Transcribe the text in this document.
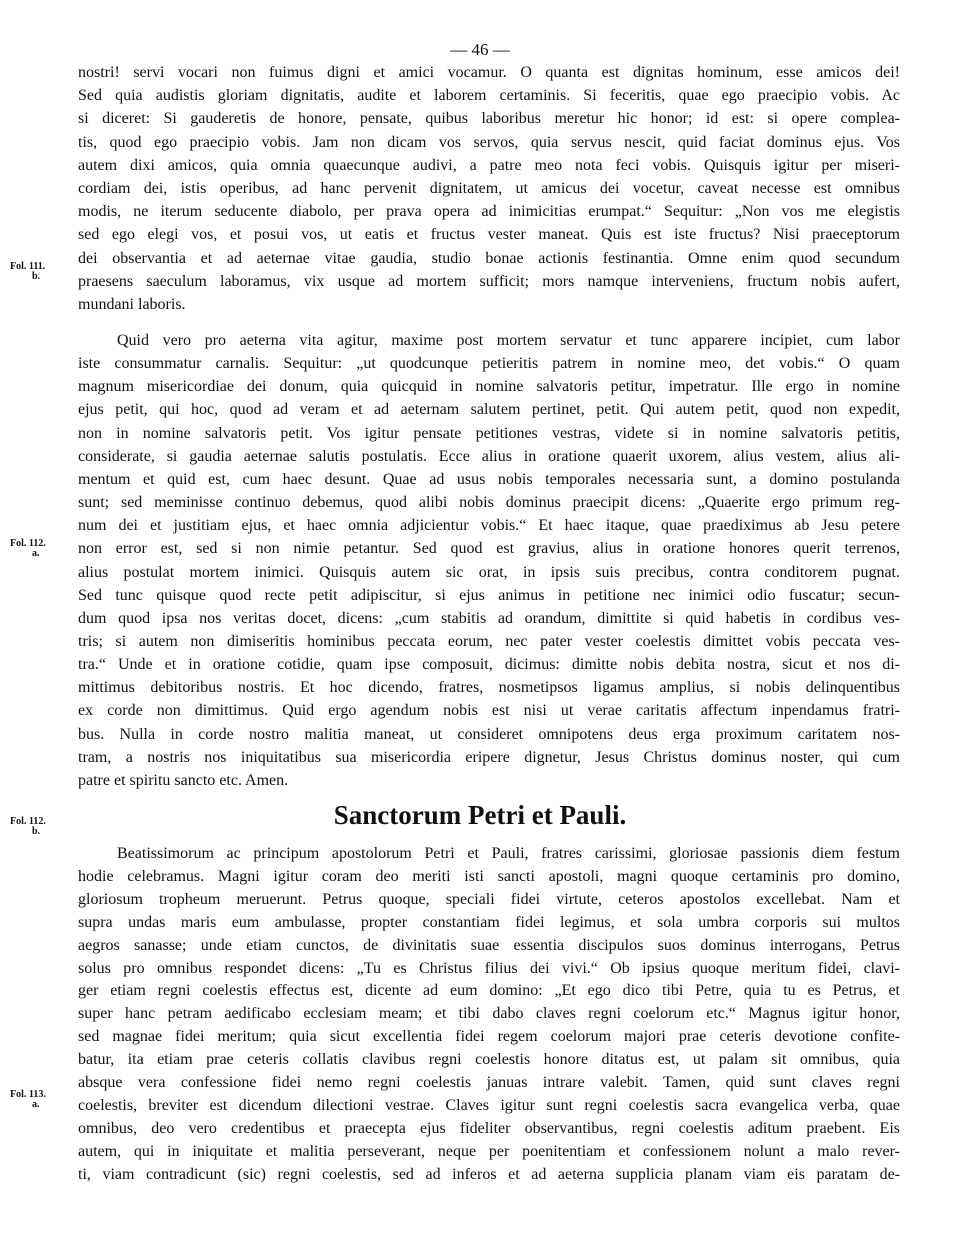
— 46 —
nostri! servi vocari non fuimus digni et amici vocamur. O quanta est dignitas hominum, esse amicos dei!
Sed quia audistis gloriam dignitatis, audite et laborem certaminis. Si feceritis, quae ego praecipio vobis. Ac
si diceret: Si gauderetis de honore, pensate, quibus laboribus meretur hic honor; id est: si opere complea-
tis, quod ego praecipio vobis. Jam non dicam vos servos, quia servus nescit, quid faciat dominus ejus. Vos
autem dixi amicos, quia omnia quaecunque audivi, a patre meo nota feci vobis. Quisquis igitur per miseri-
cordiam dei, istis operibus, ad hanc pervenit dignitatem, ut amicus dei vocetur, caveat necesse est omnibus
modis, ne iterum seducente diabolo, per prava opera ad inimicitias erumpat.“ Sequitur: „Non vos me elegistis
sed ego elegi vos, et posui vos, ut eatis et fructus vester maneat. Quis est iste fructus? Nisi praeceptorum
dei observantia et ad aeternae vitae gaudia, studio bonae actionis festinantia. Omne enim quod secundum
praesens saeculum laboramus, vix usque ad mortem sufficit; mors namque interveniens, fructum nobis aufert,
mundani laboris.
Quid vero pro aeterna vita agitur, maxime post mortem servatur et tunc apparere incipiet, cum labor
iste consummatur carnalis. Sequitur: „ut quodcunque petieritis patrem in nomine meo, det vobis.“ O quam
magnum misericordiae dei donum, quia quicquid in nomine salvatoris petitur, impetratur. Ille ergo in nomine
ejus petit, qui hoc, quod ad veram et ad aeternam salutem pertinet, petit. Qui autem petit, quod non expedit,
non in nomine salvatoris petit. Vos igitur pensate petitiones vestras, videte si in nomine salvatoris petitis,
considerate, si gaudia aeternae salutis postulatis. Ecce alius in oratione quaerit uxorem, alius vestem, alius ali-
mentum et quid est, cum haec desunt. Quae ad usus nobis temporales necessaria sunt, a domino postulanda
sunt; sed meminisse continuo debemus, quod alibi nobis dominus praecipit dicens: „Quaerite ergo primum reg-
num dei et justitiam ejus, et haec omnia adjicientur vobis.“ Et haec itaque, quae praediximus ab Jesu petere
non error est, sed si non nimie petantur. Sed quod est gravius, alius in oratione honores querit terrenos,
alius postulat mortem inimici. Quisquis autem sic orat, in ipsis suis precibus, contra conditorem pugnat.
Sed tunc quisque quod recte petit adipiscitur, si ejus animus in petitione nec inimici odio fuscatur; secun-
dum quod ipsa nos veritas docet, dicens: „cum stabitis ad orandum, dimittite si quid habetis in cordibus ves-
tris; si autem non dimiseritis hominibus peccata eorum, nec pater vester coelestis dimittet vobis peccata ves-
tra.“ Unde et in oratione cotidie, quam ipse composuit, dicimus: dimitte nobis debita nostra, sicut et nos di-
mittimus debitoribus nostris. Et hoc dicendo, fratres, nosmetipsos ligamus amplius, si nobis delinquentibus
ex corde non dimittimus. Quid ergo agendum nobis est nisi ut verae caritatis affectum inpendamus fratri-
bus. Nulla in corde nostro malitia maneat, ut consideret omnipotens deus erga proximum caritatem nos-
tram, a nostris nos iniquitatibus sua misericordia eripere dignetur, Jesus Christus dominus noster, qui cum
patre et spiritu sancto etc. Amen.
Sanctorum Petri et Pauli.
Beatissimorum ac principum apostolorum Petri et Pauli, fratres carissimi, gloriosae passionis diem festum
hodie celebramus. Magni igitur coram deo meriti isti sancti apostoli, magni quoque certaminis pro domino,
gloriosum tropheum meruerunt. Petrus quoque, speciali fidei virtute, ceteros apostolos excellebat. Nam et
supra undas maris eum ambulasse, propter constantiam fidei legimus, et sola umbra corporis sui multos
aegros sanasse; unde etiam cunctos, de divinitatis suae essentia discipulos suos dominus interrogans, Petrus
solus pro omnibus respondet dicens: „Tu es Christus filius dei vivi.“ Ob ipsius quoque meritum fidei, clavi-
ger etiam regni coelestis effectus est, dicente ad eum domino: „Et ego dico tibi Petre, quia tu es Petrus, et
super hanc petram aedificabo ecclesiam meam; et tibi dabo claves regni coelorum etc.“ Magnus igitur honor,
sed magnae fidei meritum; quia sicut excellentia fidei regem coelorum majori prae ceteris devotione confite-
batur, ita etiam prae ceteris collatis clavibus regni coelestis honore ditatus est, ut palam sit omnibus, quia
absque vera confessione fidei nemo regni coelestis januas intrare valebit. Tamen, quid sunt claves regni
coelestis, breviter est dicendum dilectioni vestrae. Claves igitur sunt regni coelestis sacra evangelica verba, quae
omnibus, deo vero credentibus et praecepta ejus fideliter observantibus, regni coelestis aditum praebent. Eis
autem, qui in iniquitate et malitia perseverant, neque per poenitentiam et confessionem nolunt a malo rever-
ti, viam contradicunt (sic) regni coelestis, sed ad inferos et ad aeterna supplicia planam viam eis paratam de-
Fol. 111.
b.
Fol. 112.
a.
Fol. 112.
b.
Fol. 113.
a.
